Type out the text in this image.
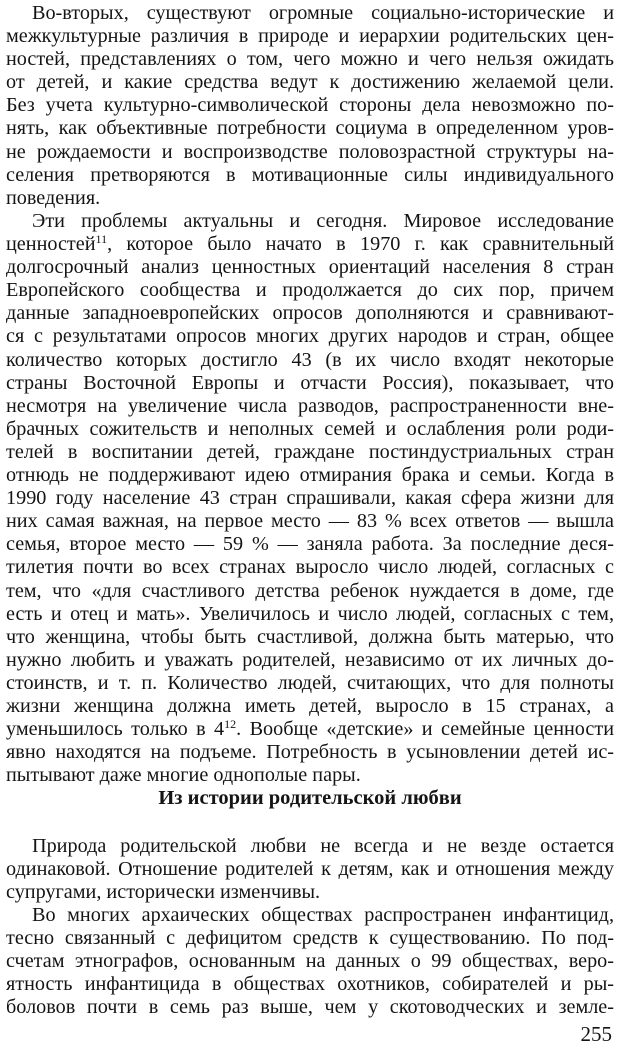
Во-вторых, существуют огромные социально-исторические и
межкультурные различия в природе и иерархии родительских цен-
ностей, представлениях о том, чего можно и чего нельзя ожидать
от детей, и какие средства ведут к достижению желаемой цели.
Без учета культурно-символической стороны дела невозможно по-
нять, как объективные потребности социума в определенном уров-
не рождаемости и воспроизводстве половозрастной структуры на-
селения претворяются в мотивационные силы индивидуального
поведения.
Эти проблемы актуальны и сегодня. Мировое исследование
ценностей$^{11}$, которое было начато в 1970 г. как сравнительный
долгосрочный анализ ценностных ориентаций населения 8 стран
Европейского сообщества и продолжается до сих пор, причем
данные западноевропейских опросов дополняются и сравнивают-
ся с результатами опросов многих других народов и стран, общее
количество которых достигло 43 (в их число входят некоторые
страны Восточной Европы и отчасти Россия), показывает, что
несмотря на увеличение числа разводов, распространенности вне-
брачных сожительств и неполных семей и ослабления роли роди-
телей в воспитании детей, граждане постиндустриальных стран
отнюдь не поддерживают идею отмирания брака и семьи. Когда в
1990 году население 43 стран спрашивали, какая сфера жизни для
них самая важная, на первое место — 83 % всех ответов — вышла
семья, второе место — 59 % — заняла работа. За последние деся-
тилетия почти во всех странах выросло число людей, согласных с
тем, что «для счастливого детства ребенок нуждается в доме, где
есть и отец и мать». Увеличилось и число людей, согласных с тем,
что женщина, чтобы быть счастливой, должна быть матерью, что
нужно любить и уважать родителей, независимо от их личных до-
стоинств, и т. п. Количество людей, считающих, что для полноты
жизни женщина должна иметь детей, выросло в 15 странах, а
уменьшилось только в $4^{12}$. Вообще «детские» и семейные ценности
явно находятся на подъеме. Потребность в усыновлении детей ис-
пытывают даже многие однополые пары.
Из истории родительской любви
Природа родительской любви не всегда и не везде остается
одинаковой. Отношение родителей к детям, как и отношения между
супругами, исторически изменчивы.
Во многих архаических обществах распространен инфантицид,
тесно связанный с дефицитом средств к существованию. По под-
счетам этнографов, основанным на данных о 99 обществах, веро-
ятность инфантицида в обществах охотников, собирателей и ры-
боловов почти в семь раз выше, чем у скотоводческих и земле-
255
